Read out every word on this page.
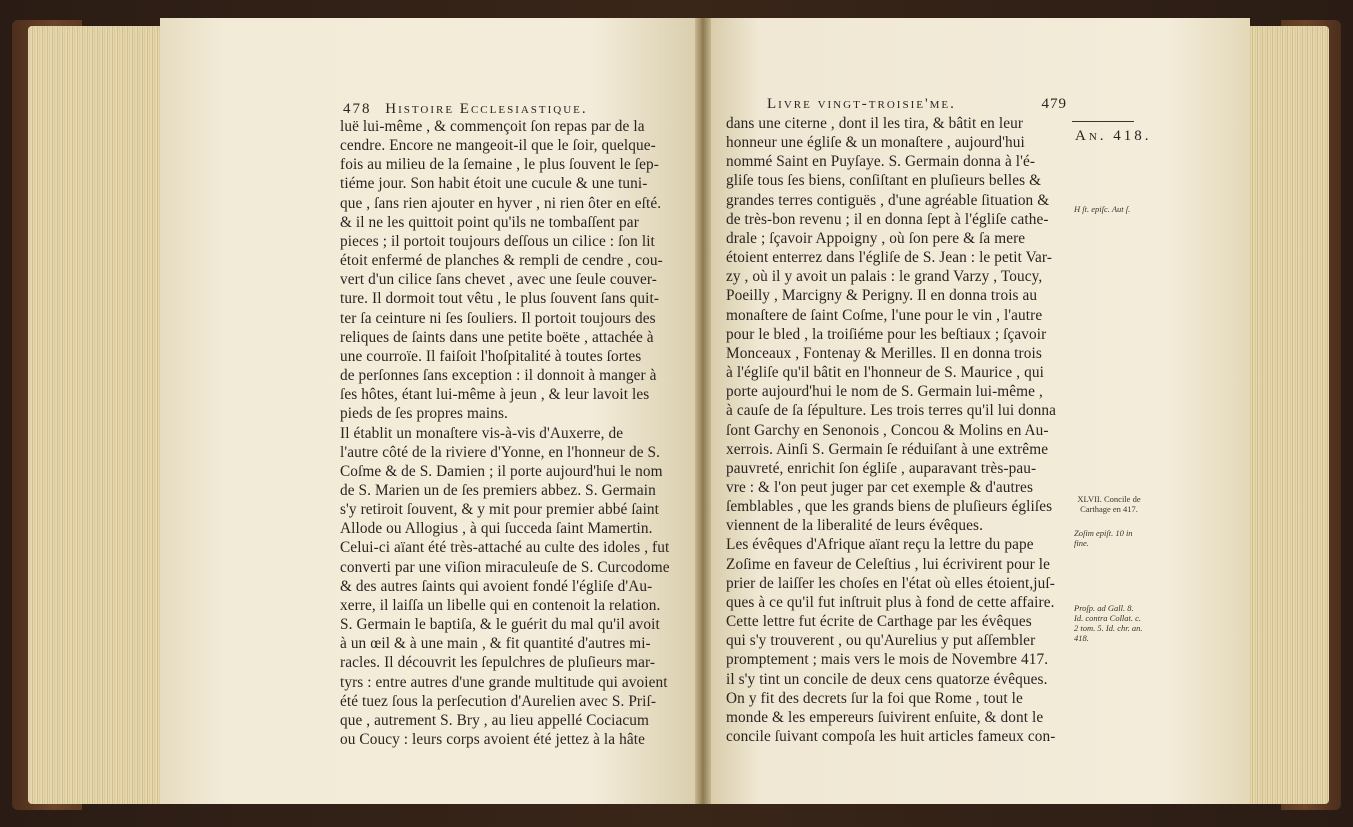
478 Histoire Ecclesiastique.
luë lui-même , & commençoit ſon repas par de la
cendre. Encore ne mangeoit-il que le ſoir, quelque-
fois au milieu de la ſemaine , le plus ſouvent le ſep-
tiéme jour. Son habit étoit une cucule & une tuni-
que , ſans rien ajouter en hyver , ni rien ôter en eſté.
& il ne les quittoit point qu'ils ne tombaſſent par
pieces ; il portoit toujours deſſous un cilice : ſon lit
étoit enfermé de planches & rempli de cendre , cou-
vert d'un cilice ſans chevet , avec une ſeule couver-
ture. Il dormoit tout vêtu , le plus ſouvent ſans quit-
ter ſa ceinture ni ſes ſouliers. Il portoit toujours des
reliques de ſaints dans une petite boëte , attachée à
une courroïe. Il faiſoit l'hoſpitalité à toutes ſortes
de perſonnes ſans exception : il donnoit à manger à
ſes hôtes, étant lui-même à jeun , & leur lavoit les
pieds de ſes propres mains.
Il établit un monaſtere vis-à-vis d'Auxerre, de
l'autre côté de la riviere d'Yonne, en l'honneur de S.
Coſme & de S. Damien ; il porte aujourd'hui le nom
de S. Marien un de ſes premiers abbez. S. Germain
s'y retiroit ſouvent, & y mit pour premier abbé ſaint
Allode ou Allogius , à qui ſucceda ſaint Mamertin.
Celui-ci aïant été très-attaché au culte des idoles , fut
converti par une viſion miraculeuſe de S. Curcodome
& des autres ſaints qui avoient fondé l'égliſe d'Au-
xerre, il laiſſa un libelle qui en contenoit la relation.
S. Germain le baptiſa, & le guérit du mal qu'il avoit
à un œil & à une main , & fit quantité d'autres mi-
racles. Il découvrit les ſepulchres de pluſieurs mar-
tyrs : entre autres d'une grande multitude qui avoient
été tuez ſous la perſecution d'Aurelien avec S. Priſ-
que , autrement S. Bry , au lieu appellé Cociacum
ou Coucy : leurs corps avoient été jettez à la hâte
Livre vingt-troisie'me.	479
dans une citerne , dont il les tira, & bâtit en leur
honneur une égliſe & un monaſtere , aujourd'hui
nommé Saint en Puyſaye. S. Germain donna à l'é-
gliſe tous ſes biens, conſiſtant en pluſieurs belles &
grandes terres contiguës , d'une agréable ſituation &
de très-bon revenu ; il en donna ſept à l'égliſe cathe-
drale ; ſçavoir Appoigny , où ſon pere & ſa mere
étoient enterrez dans l'égliſe de S. Jean : le petit Var-
zy , où il y avoit un palais : le grand Varzy , Toucy,
Poeilly , Marcigny & Perigny. Il en donna trois au
monaſtere de ſaint Coſme, l'une pour le vin , l'autre
pour le bled , la troiſiéme pour les beſtiaux ; ſçavoir
Monceaux , Fontenay & Merilles. Il en donna trois
à l'égliſe qu'il bâtit en l'honneur de S. Maurice , qui
porte aujourd'hui le nom de S. Germain lui-même ,
à cauſe de ſa ſépulture. Les trois terres qu'il lui donna
ſont Garchy en Senonois , Concou & Molins en Au-
xerrois. Ainſi S. Germain ſe réduiſant à une extrême
pauvreté, enrichit ſon égliſe , auparavant très-pau-
vre : & l'on peut juger par cet exemple & d'autres
ſemblables , que les grands biens de pluſieurs égliſes
viennent de la liberalité de leurs évêques.
Les évêques d'Afrique aïant reçu la lettre du pape
Zoſime en faveur de Celeſtius , lui écrivirent pour le
prier de laiſſer les choſes en l'état où elles étoient,juſ-
ques à ce qu'il fut inſtruit plus à fond de cette affaire.
Cette lettre fut écrite de Carthage par les évêques
qui s'y trouverent , ou qu'Aurelius y put aſſembler
promptement ; mais vers le mois de Novembre 417.
il s'y tint un concile de deux cens quatorze évêques.
On y fit des decrets ſur la foi que Rome , tout le
monde & les empereurs ſuivirent enſuite, & dont le
concile ſuivant compoſa les huit articles fameux con-
An. 418.
H ſt. epiſc. Aut ſ.
XLVII. Concile de Carthage en 417.
Zoſim epiſt. 10 in fine.
Proſp. ad Gall. 8. Id. contra Collat. c. 2 tom. 5. Id. chr. an. 418.
